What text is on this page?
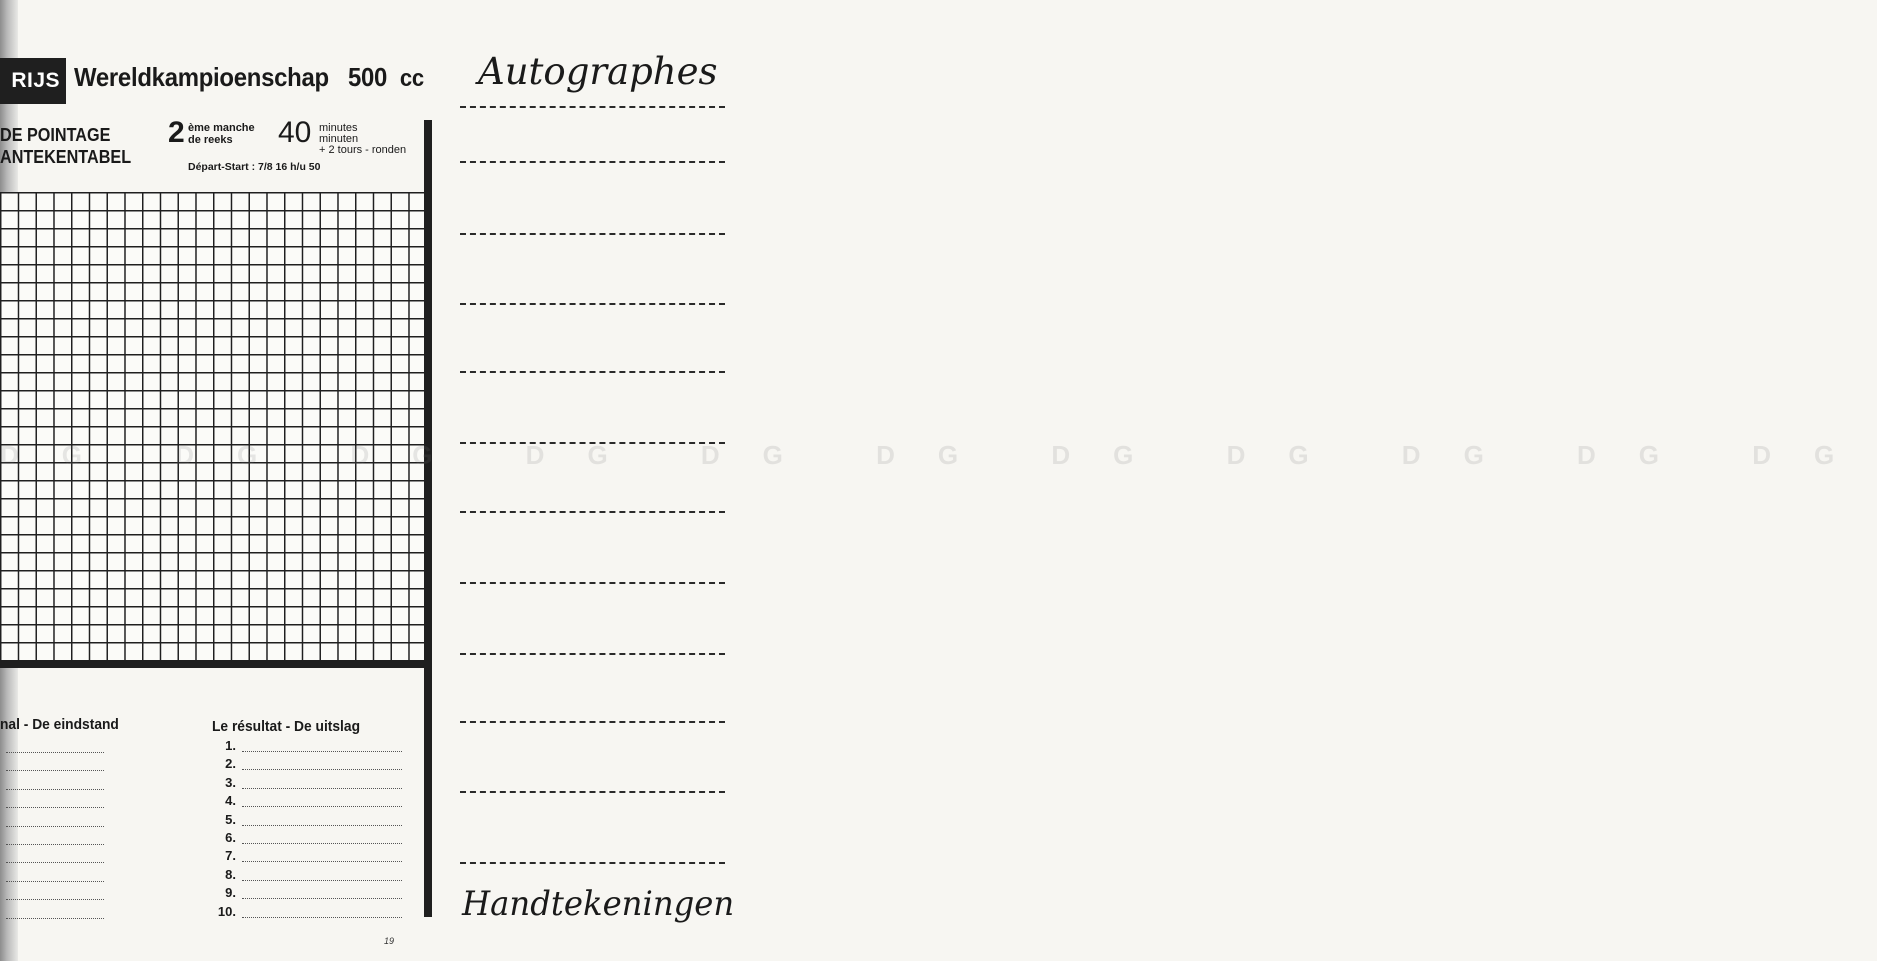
RIJS Wereldkampioenschap 500 cc
DE POINTAGE
ANTEKENTABEL
2 ème manche
de reeks	40 minutes
minuten
+ 2 tours - ronden
Départ-Start : 7/8 16 h/u 50
DG DG DG DG DG DG DG DG DG DG DG
nal - De eindstand	Le résultat - De uitslag
1.
2.
3.
4.
5.
6.
7.
8.
9.
10.
Autographes
Handtekeningen
19
